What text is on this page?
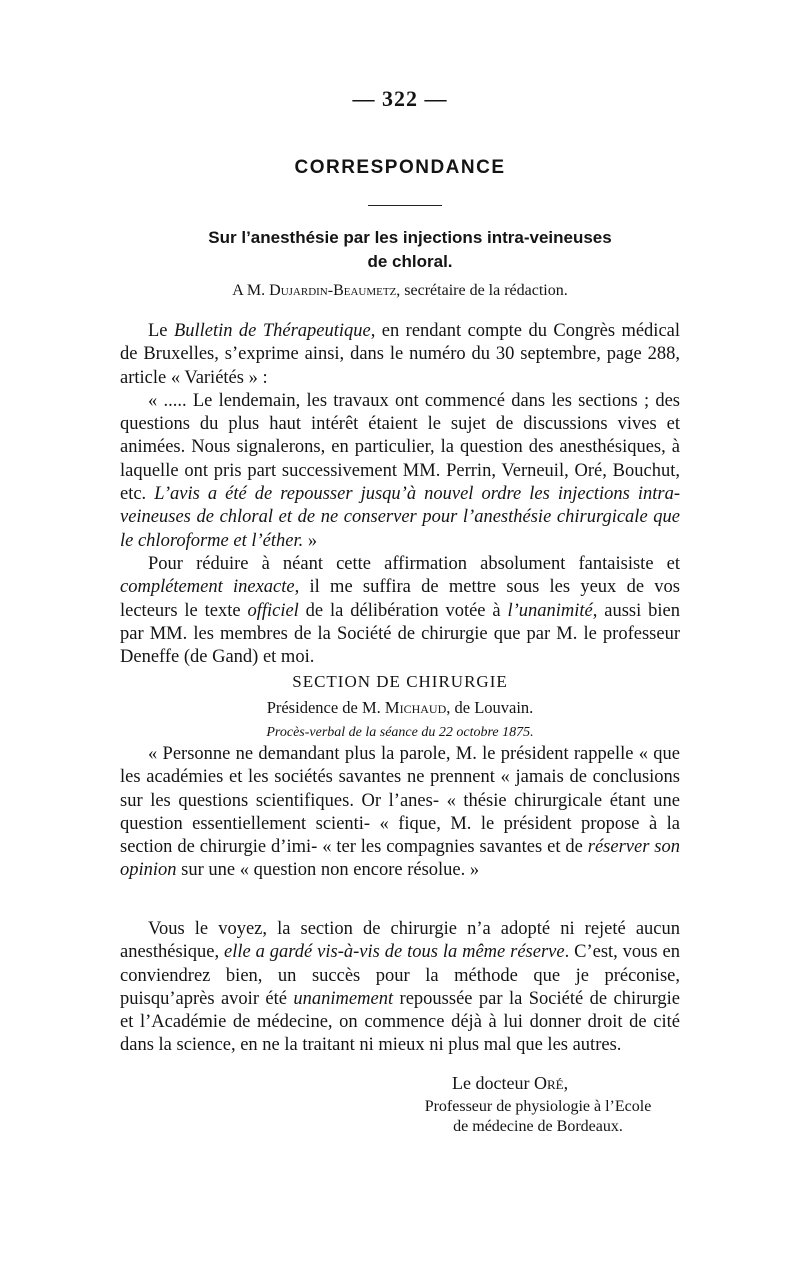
— 322 —
CORRESPONDANCE
Sur l’anesthésie par les injections intra-veineuses
de chloral.
A M. Dujardin-Beaumetz, secrétaire de la rédaction.

Le Bulletin de Thérapeutique, en rendant compte du Congrès médical de Bruxelles, s’exprime ainsi, dans le numéro du 30 septembre, page 288, article « Variétés » :

« ..... Le lendemain, les travaux ont commencé dans les sections ; des questions du plus haut intérêt étaient le sujet de discussions vives et animées. Nous signalerons, en particulier, la question des anesthésiques, à laquelle ont pris part successivement MM. Perrin, Verneuil, Oré, Bouchut, etc. L’avis a été de repousser jusqu’à nouvel ordre les injections intra-veineuses de chloral et de ne conserver pour l’anesthésie chirurgicale que le chloroforme et l’éther. »

Pour réduire à néant cette affirmation absolument fantaisiste et complétement inexacte, il me suffira de mettre sous les yeux de vos lecteurs le texte officiel de la délibération votée à l’unanimité, aussi bien par MM. les membres de la Société de chirurgie que par M. le professeur Deneffe (de Gand) et moi.

SECTION DE CHIRURGIE
Présidence de M. Michaud, de Louvain.
Procès-verbal de la séance du 22 octobre 1875.

« Personne ne demandant plus la parole, M. le président rappelle « que les académies et les sociétés savantes ne prennent « jamais de conclusions sur les questions scientifiques. Or l’anes- « thésie chirurgicale étant une question essentiellement scienti- « fique, M. le président propose à la section de chirurgie d’imi- « ter les compagnies savantes et de réserver son opinion sur une « question non encore résolue. »

Vous le voyez, la section de chirurgie n’a adopté ni rejeté aucun anesthésique, elle a gardé vis-à-vis de tous la même réserve. C’est, vous en conviendrez bien, un succès pour la méthode que je préconise, puisqu’après avoir été unanimement repoussée par la Société de chirurgie et l’Académie de médecine, on commence déjà à lui donner droit de cité dans la science, en ne la traitant ni mieux ni plus mal que les autres.

Le docteur Oré,
Professeur de physiologie à l’Ecole
de médecine de Bordeaux.
